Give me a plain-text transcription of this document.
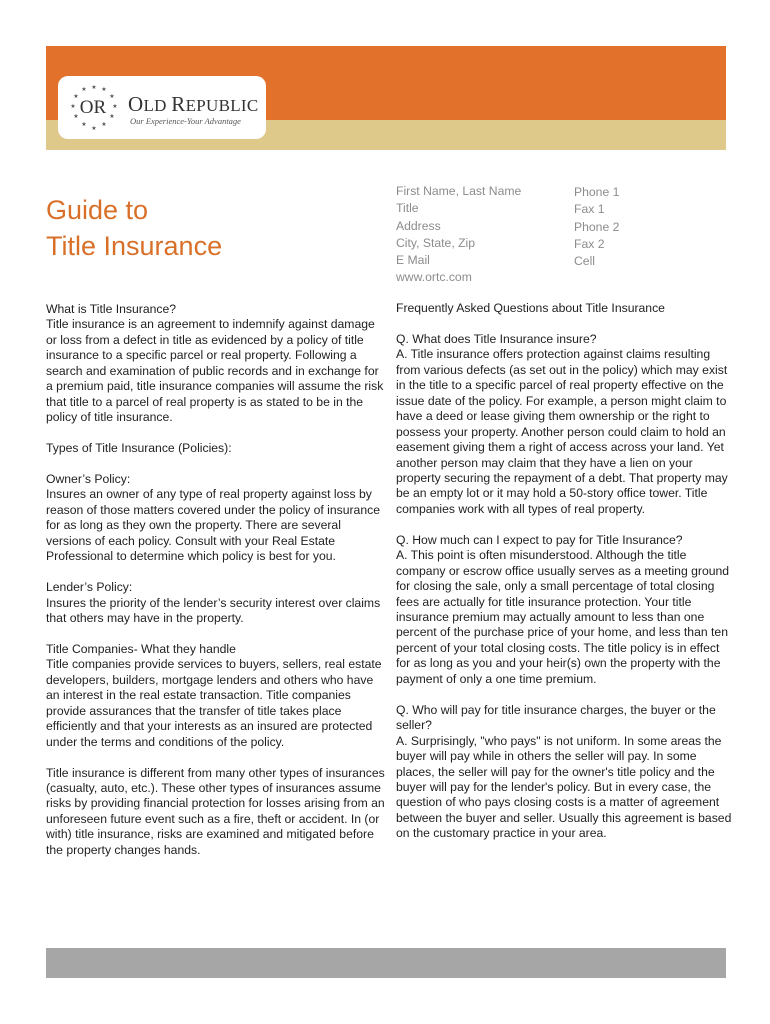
★ ★
★
★
★
★
★
★
★
★
★
★
OR OLD REPUBLIC
Our Experience-Your Advantage
Guide to
Title Insurance
First Name, Last Name
Title
Address
City, State, Zip
E Mail
www.ortc.com
Phone 1
Fax 1
Phone 2
Fax 2
Cell

What is Title Insurance?
Title insurance is an agreement to indemnify against damage or loss from a defect in title as evidenced by a policy of title insurance to a specific parcel or real property. Following a search and examination of public records and in exchange for a premium paid, title insurance companies will assume the risk that title to a parcel of real property is as stated to be in the policy of title insurance.

Types of Title Insurance (Policies):

Owner’s Policy:
Insures an owner of any type of real property against loss by reason of those matters covered under the policy of insurance for as long as they own the property. There are several versions of each policy. Consult with your Real Estate Professional to determine which policy is best for you.

Lender’s Policy:
Insures the priority of the lender’s security interest over claims that others may have in the property.

Title Companies- What they handle
Title companies provide services to buyers, sellers, real estate developers, builders, mortgage lenders and others who have an interest in the real estate transaction. Title companies provide assurances that the transfer of title takes place efficiently and that your interests as an insured are protected under the terms and conditions of the policy.

Title insurance is different from many other types of insurances (casualty, auto, etc.). These other types of insurances assume risks by providing financial protection for losses arising from an unforeseen future event such as a fire, theft or accident. In (or with) title insurance, risks are examined and mitigated before the property changes hands.

Frequently Asked Questions about Title Insurance

Q. What does Title Insurance insure?
A. Title insurance offers protection against claims resulting from various defects (as set out in the policy) which may exist in the title to a specific parcel of real property effective on the issue date of the policy. For example, a person might claim to have a deed or lease giving them ownership or the right to possess your property. Another person could claim to hold an easement giving them a right of access across your land. Yet another person may claim that they have a lien on your property securing the repayment of a debt. That property may be an empty lot or it may hold a 50-story office tower. Title companies work with all types of real property.

Q. How much can I expect to pay for Title Insurance?
A. This point is often misunderstood. Although the title company or escrow office usually serves as a meeting ground for closing the sale, only a small percentage of total closing fees are actually for title insurance protection. Your title insurance premium may actually amount to less than one percent of the purchase price of your home, and less than ten percent of your total closing costs. The title policy is in effect for as long as you and your heir(s) own the property with the payment of only a one time premium.

Q. Who will pay for title insurance charges, the buyer or the seller?
A. Surprisingly, "who pays" is not uniform. In some areas the buyer will pay while in others the seller will pay. In some places, the seller will pay for the owner's title policy and the buyer will pay for the lender's policy. But in every case, the question of who pays closing costs is a matter of agreement between the buyer and seller. Usually this agreement is based on the customary practice in your area.
